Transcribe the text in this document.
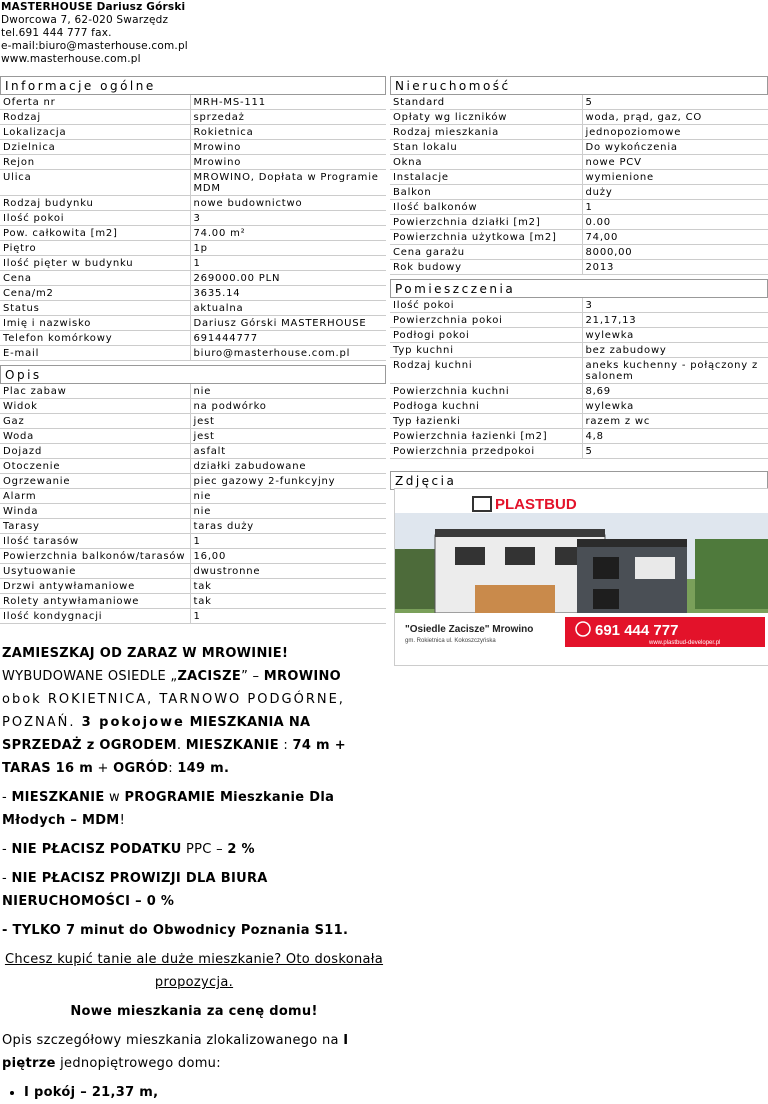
MASTERHOUSE Dariusz Górski
Dworcowa 7, 62-020 Swarzędz
tel.691 444 777 fax.
e-mail:biuro@masterhouse.com.pl
www.masterhouse.com.pl
Informacje ogólne
Oferta nr	MRH-MS-111
Rodzaj	sprzedaż
Lokalizacja	Rokietnica
Dzielnica	Mrowino
Rejon	Mrowino
Ulica	MROWINO, Dopłata w Programie MDM
Rodzaj budynku	nowe budownictwo
Ilość pokoi	3
Pow. całkowita [m2]	74.00 m²
Piętro	1p
Ilość pięter w budynku	1
Cena	269000.00 PLN
Cena/m2	3635.14
Status	aktualna
Imię i nazwisko	Dariusz Górski MASTERHOUSE
Telefon komórkowy	691444777
E-mail	biuro@masterhouse.com.pl
Opis
Plac zabaw	nie
Widok	na podwórko
Gaz	jest
Woda	jest
Dojazd	asfalt
Otoczenie	działki zabudowane
Ogrzewanie	piec gazowy 2-funkcyjny
Alarm	nie
Winda	nie
Tarasy	taras duży
Ilość tarasów	1
Powierzchnia balkonów/tarasów	16,00
Usytuowanie	dwustronne
Drzwi antywłamaniowe	tak
Rolety antywłamaniowe	tak
Ilość kondygnacji	1
Nieruchomość
Standard	5
Opłaty wg liczników	woda, prąd, gaz, CO
Rodzaj mieszkania	jednopoziomowe
Stan lokalu	Do wykończenia
Okna	nowe PCV
Instalacje	wymienione
Balkon	duży
Ilość balkonów	1
Powierzchnia działki [m2]	0.00
Powierzchnia użytkowa [m2]	74,00
Cena garażu	8000,00
Rok budowy	2013
Pomieszczenia
Ilość pokoi	3
Powierzchnia pokoi	21,17,13
Podłogi pokoi	wylewka
Typ kuchni	bez zabudowy
Rodzaj kuchni	aneks kuchenny - połączony z salonem
Powierzchnia kuchni	8,69
Podłoga kuchni	wylewka
Typ łazienki	razem z wc
Powierzchnia łazienki [m2]	4,8
Powierzchnia przedpokoi	5
Zdjęcia
PLASTBUD
"Osiedle Zacisze" Mrowino
gm. Rokietnica ul. Kokoszczyńska
691 444 777
www.plastbud-developer.pl

ZAMIESZKAJ OD ZARAZ W MROWINIE! WYBUDOWANE OSIEDLE „ZACISZE” – MROWINO obok ROKIETNICA, TARNOWO PODGÓRNE, POZNAŃ. 3 pokojowe MIESZKANIA NA SPRZEDAŻ z OGRODEM. MIESZKANIE : 74 m + TARAS 16 m + OGRÓD: 149 m.

- MIESZKANIE w PROGRAMIE Mieszkanie Dla Młodych – MDM!

- NIE PŁACISZ PODATKU PPC – 2 %

- NIE PŁACISZ PROWIZJI DLA BIURA NIERUCHOMOŚCI – 0 %

- TYLKO 7 minut do Obwodnicy Poznania S11.

Chcesz kupić tanie ale duże mieszkanie? Oto doskonała propozycja.

Nowe mieszkania za cenę domu!

Opis szczegółowy mieszkania zlokalizowanego na I piętrze jednopiętrowego domu:

• I pokój – 21,37 m,
